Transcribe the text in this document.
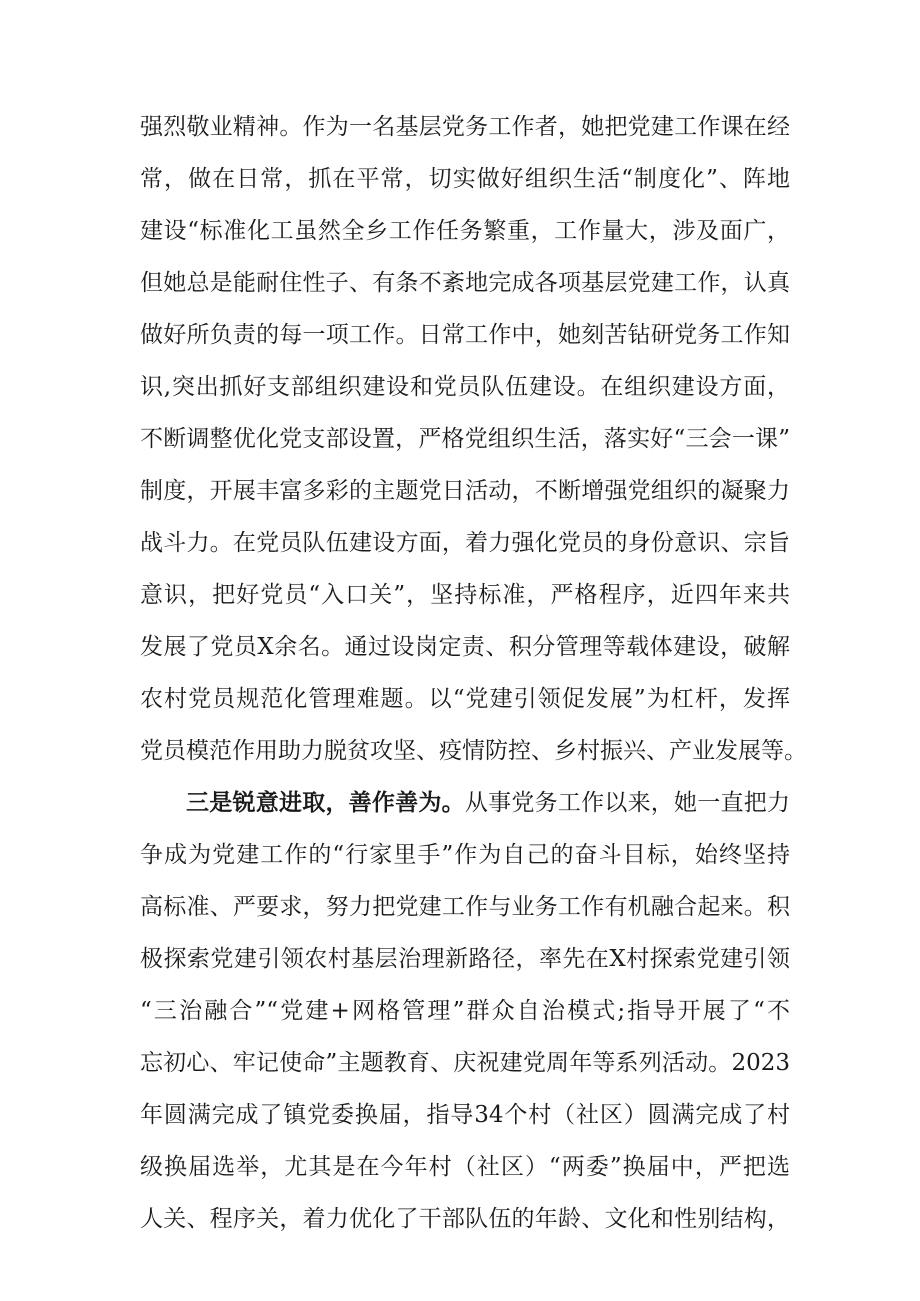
强烈敬业精神。作为一名基层党务工作者，她把党建工作课在经
常，做在日常，抓在平常，切实做好组织生活“制度化”、阵地
建设“标准化工虽然全乡工作任务繁重，工作量大，涉及面广，
但她总是能耐住性子、有条不紊地完成各项基层党建工作，认真
做好所负责的每一项工作。日常工作中，她刻苦钻研党务工作知
识,突出抓好支部组织建设和党员队伍建设。在组织建设方面，
不断调整优化党支部设置，严格党组织生活，落实好“三会一课”
制度，开展丰富多彩的主题党日活动，不断增强党组织的凝聚力
战斗力。在党员队伍建设方面，着力强化党员的身份意识、宗旨
意识，把好党员“入口关”，坚持标准，严格程序，近四年来共
发展了党员X余名。通过设岗定责、积分管理等载体建设，破解
农村党员规范化管理难题。以“党建引领促发展”为杠杆，发挥
党员模范作用助力脱贫攻坚、疫情防控、乡村振兴、产业发展等。
三是锐意进取，善作善为。从事党务工作以来，她一直把力
争成为党建工作的“行家里手”作为自己的奋斗目标，始终坚持
高标准、严要求，努力把党建工作与业务工作有机融合起来。积
极探索党建引领农村基层治理新路径，率先在X村探索党建引领
“三治融合”“党建+网格管理”群众自治模式;指导开展了“不
忘初心、牢记使命”主题教育、庆祝建党周年等系列活动。2023
年圆满完成了镇党委换届，指导34个村（社区）圆满完成了村
级换届选举，尤其是在今年村（社区）“两委”换届中，严把选
人关、程序关，着力优化了干部队伍的年龄、文化和性别结构，
